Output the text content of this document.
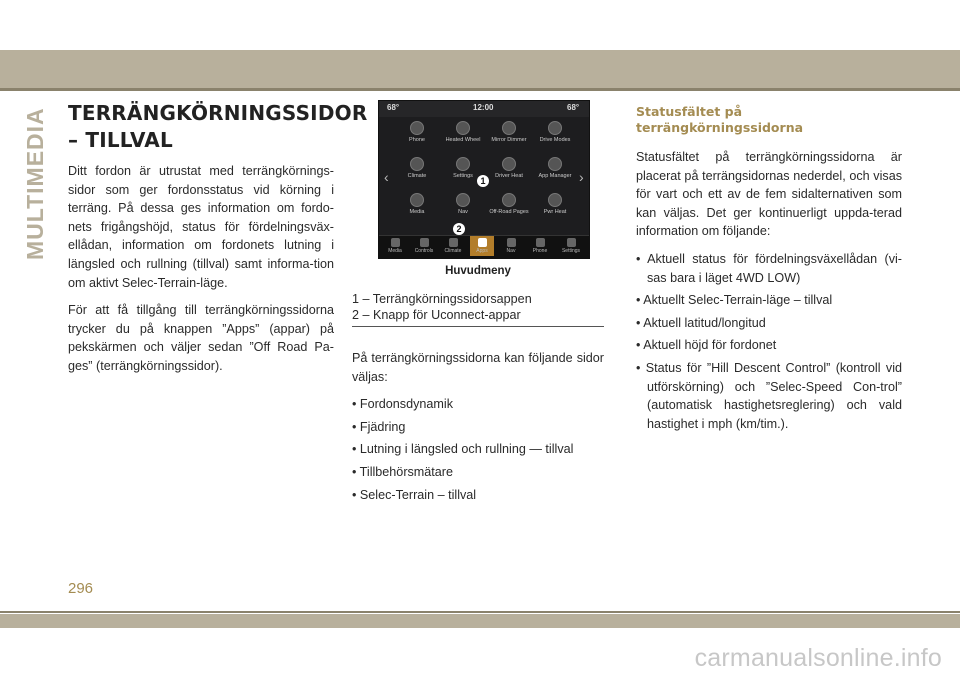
MULTIMEDIA TERRÄNGKÖRNINGSSIDOR
– TILLVAL

Ditt fordon är utrustat med terrängkörnings-sidor som ger fordonsstatus vid körning i terräng. På dessa ges information om fordo-nets frigångshöjd, status för fördelningsväx-ellådan, information om fordonets lutning i längsled och rullning (tillval) samt informa-tion om aktivt Selec-Terrain-läge.

För att få tillgång till terrängkörningssidorna trycker du på knappen ”Apps” (appar) på pekskärmen och väljer sedan ”Off Road Pa-ges” (terrängkörningssidor).

68°	12:00	68°
‹	›
Phone	Heated Wheel	Mirror Dimmer	Drive Modes
Climate	Settings	Driver Heat	App Manager
Media	Nav	Off-Road Pages	Pwr Heat
1
2
Media	Controls	Climate	Apps	Nav	Phone	Settings
Huvudmeny
1 – Terrängkörningssidorsappen
2 – Knapp för Uconnect-appar

På terrängkörningssidorna kan följande sidor väljas:

• Fordonsdynamik
• Fjädring
• Lutning i längsled och rullning — tillval
• Tillbehörsmätare
• Selec-Terrain – tillval
Statusfältet på terrängkörningssidorna

Statusfältet på terrängkörningssidorna är placerat på terrängsidornas nederdel, och visas för vart och ett av de fem sidalternativen som kan väljas. Det ger kontinuerligt uppda-terad information om följande:

• Aktuell status för fördelningsväxellådan (vi-sas bara i läget 4WD LOW)
• Aktuellt Selec-Terrain-läge – tillval
• Aktuell latitud/longitud
• Aktuell höjd för fordonet
• Status för ”Hill Descent Control” (kontroll vid utförskörning) och ”Selec-Speed Con-trol” (automatisk hastighetsreglering) och vald hastighet i mph (km/tim.).
296
carmanualsonline.info
